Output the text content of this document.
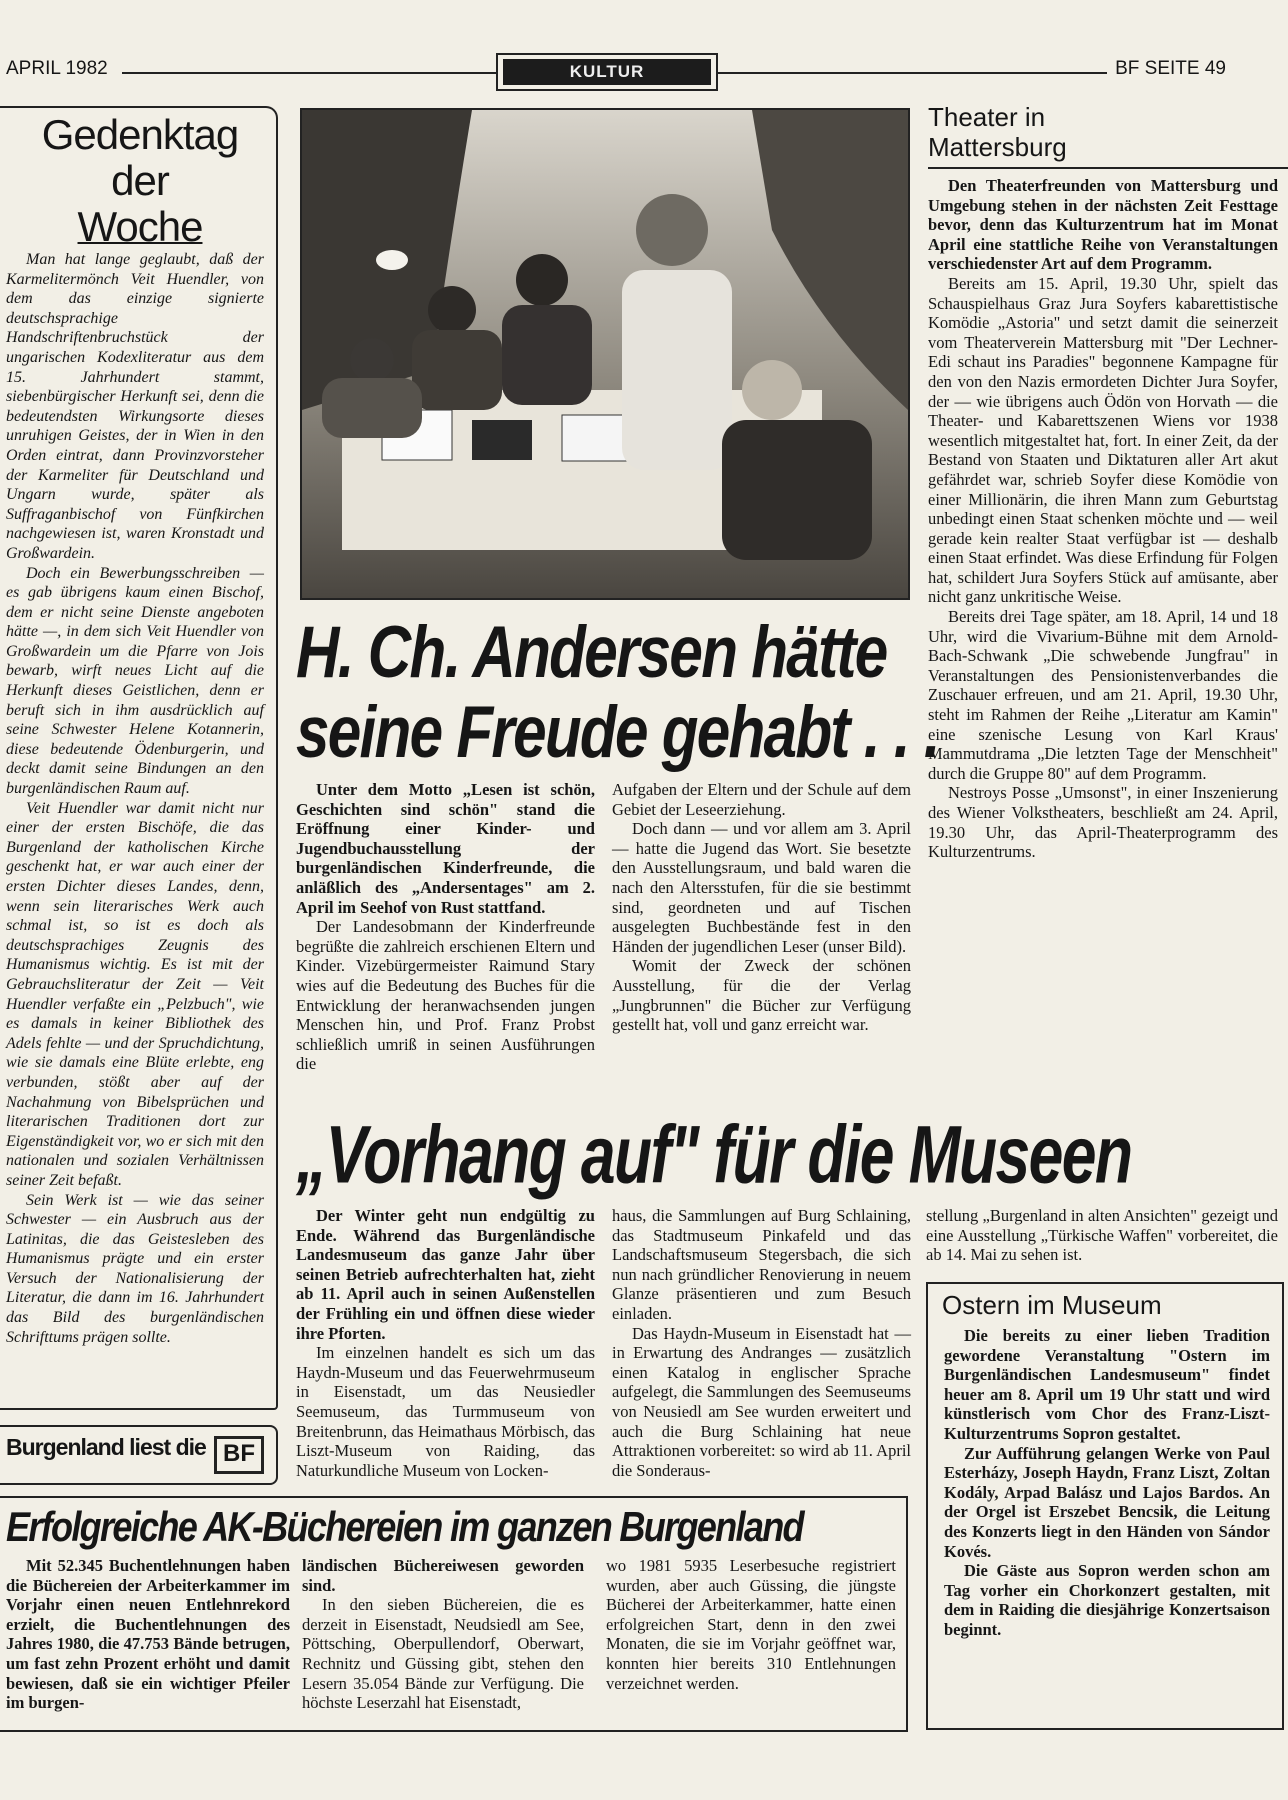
APRIL 1982	KULTUR	BF SEITE 49
Gedenktag
der
Woche

Man hat lange geglaubt, daß der Karmelitermönch Veit Huendler, von dem das einzige signierte deutschsprachige Handschriftenbruchstück der ungarischen Kodexliteratur aus dem 15. Jahrhundert stammt, siebenbürgischer Herkunft sei, denn die bedeutendsten Wirkungsorte dieses unruhigen Geistes, der in Wien in den Orden eintrat, dann Provinzvorsteher der Karmeliter für Deutschland und Ungarn wurde, später als Suffraganbischof von Fünfkirchen nachgewiesen ist, waren Kronstadt und Großwardein.

Doch ein Bewerbungsschreiben — es gab übrigens kaum einen Bischof, dem er nicht seine Dienste angeboten hätte —, in dem sich Veit Huendler von Großwardein um die Pfarre von Jois bewarb, wirft neues Licht auf die Herkunft dieses Geistlichen, denn er beruft sich in ihm ausdrücklich auf seine Schwester Helene Kotannerin, diese bedeutende Ödenburgerin, und deckt damit seine Bindungen an den burgenländischen Raum auf.

Veit Huendler war damit nicht nur einer der ersten Bischöfe, die das Burgenland der katholischen Kirche geschenkt hat, er war auch einer der ersten Dichter dieses Landes, denn, wenn sein literarisches Werk auch schmal ist, so ist es doch als deutschsprachiges Zeugnis des Humanismus wichtig. Es ist mit der Gebrauchsliteratur der Zeit — Veit Huendler verfaßte ein „Pelzbuch", wie es damals in keiner Bibliothek des Adels fehlte — und der Spruchdichtung, wie sie damals eine Blüte erlebte, eng verbunden, stößt aber auf der Nachahmung von Bibelsprüchen und literarischen Traditionen dort zur Eigenständigkeit vor, wo er sich mit den nationalen und sozialen Verhältnissen seiner Zeit befaßt.

Sein Werk ist — wie das seiner Schwester — ein Ausbruch aus der Latinitas, die das Geistesleben des Humanismus prägte und ein erster Versuch der Nationalisierung der Literatur, die dann im 16. Jahrhundert das Bild des burgenländischen Schrifttums prägen sollte.

Burgenland liest die BF
H. Ch. Andersen hätte
seine Freude gehabt . . .

Unter dem Motto „Lesen ist schön, Geschichten sind schön" stand die Eröffnung einer Kinder- und Jugendbuchausstellung der burgenländischen Kinderfreunde, die anläßlich des „Andersentages" am 2. April im Seehof von Rust stattfand.

Der Landesobmann der Kinderfreunde begrüßte die zahlreich erschienen Eltern und Kinder. Vizebürgermeister Raimund Stary wies auf die Bedeutung des Buches für die Entwicklung der heranwachsenden jungen Menschen hin, und Prof. Franz Probst schließlich umriß in seinen Ausführungen die

Aufgaben der Eltern und der Schule auf dem Gebiet der Leseerziehung.

Doch dann — und vor allem am 3. April — hatte die Jugend das Wort. Sie besetzte den Ausstellungsraum, und bald waren die nach den Altersstufen, für die sie bestimmt sind, geordneten und auf Tischen ausgelegten Buchbestände fest in den Händen der jugendlichen Leser (unser Bild).

Womit der Zweck der schönen Ausstellung, für die der Verlag „Jungbrunnen" die Bücher zur Verfügung gestellt hat, voll und ganz erreicht war.

Theater in
Mattersburg

Den Theaterfreunden von Mattersburg und Umgebung stehen in der nächsten Zeit Festtage bevor, denn das Kulturzentrum hat im Monat April eine stattliche Reihe von Veranstaltungen verschiedenster Art auf dem Programm.

Bereits am 15. April, 19.30 Uhr, spielt das Schauspielhaus Graz Jura Soyfers kabarettistische Komödie „Astoria" und setzt damit die seinerzeit vom Theaterverein Mattersburg mit "Der Lechner-Edi schaut ins Paradies" begonnene Kampagne für den von den Nazis ermordeten Dichter Jura Soyfer, der — wie übrigens auch Ödön von Horvath — die Theater- und Kabarettszenen Wiens vor 1938 wesentlich mitgestaltet hat, fort. In einer Zeit, da der Bestand von Staaten und Diktaturen aller Art akut gefährdet war, schrieb Soyfer diese Komödie von einer Millionärin, die ihren Mann zum Geburtstag unbedingt einen Staat schenken möchte und — weil gerade kein realter Staat verfügbar ist — deshalb einen Staat erfindet. Was diese Erfindung für Folgen hat, schildert Jura Soyfers Stück auf amüsante, aber nicht ganz unkritische Weise.

Bereits drei Tage später, am 18. April, 14 und 18 Uhr, wird die Vivarium-Bühne mit dem Arnold-Bach-Schwank „Die schwebende Jungfrau" in Veranstaltungen des Pensionistenverbandes die Zuschauer erfreuen, und am 21. April, 19.30 Uhr, steht im Rahmen der Reihe „Literatur am Kamin" eine szenische Lesung von Karl Kraus' Mammutdrama „Die letzten Tage der Menschheit" durch die Gruppe 80" auf dem Programm.

Nestroys Posse „Umsonst", in einer Inszenierung des Wiener Volkstheaters, beschließt am 24. April, 19.30 Uhr, das April-Theaterprogramm des Kulturzentrums.

„Vorhang auf" für die Museen

Der Winter geht nun endgültig zu Ende. Während das Burgenländische Landesmuseum das ganze Jahr über seinen Betrieb aufrechterhalten hat, zieht ab 11. April auch in seinen Außenstellen der Frühling ein und öffnen diese wieder ihre Pforten.

Im einzelnen handelt es sich um das Haydn-Museum und das Feuerwehrmuseum in Eisenstadt, um das Neusiedler Seemuseum, das Turmmuseum von Breitenbrunn, das Heimathaus Mörbisch, das Liszt-Museum von Raiding, das Naturkundliche Museum von Locken-

haus, die Sammlungen auf Burg Schlaining, das Stadtmuseum Pinkafeld und das Landschaftsmuseum Stegersbach, die sich nun nach gründlicher Renovierung in neuem Glanze präsentieren und zum Besuch einladen.

Das Haydn-Museum in Eisenstadt hat — in Erwartung des Andranges — zusätzlich einen Katalog in englischer Sprache aufgelegt, die Sammlungen des Seemuseums von Neusiedl am See wurden erweitert und auch die Burg Schlaining hat neue Attraktionen vorbereitet: so wird ab 11. April die Sonderaus-

stellung „Burgenland in alten Ansichten" gezeigt und eine Ausstellung „Türkische Waffen" vorbereitet, die ab 14. Mai zu sehen ist.

Ostern im Museum

Die bereits zu einer lieben Tradition gewordene Veranstaltung "Ostern im Burgenländischen Landesmuseum" findet heuer am 8. April um 19 Uhr statt und wird künstlerisch vom Chor des Franz-Liszt-Kulturzentrums Sopron gestaltet.

Zur Aufführung gelangen Werke von Paul Esterházy, Joseph Haydn, Franz Liszt, Zoltan Kodály, Arpad Balász und Lajos Bardos. An der Orgel ist Erszebet Bencsik, die Leitung des Konzerts liegt in den Händen von Sándor Kovés.

Die Gäste aus Sopron werden schon am Tag vorher ein Chorkonzert gestalten, mit dem in Raiding die diesjährige Konzertsaison beginnt.

Erfolgreiche AK-Büchereien im ganzen Burgenland

Mit 52.345 Buchentlehnungen haben die Büchereien der Arbeiterkammer im Vorjahr einen neuen Entlehnrekord erzielt, die Buchentlehnungen des Jahres 1980, die 47.753 Bände betrugen, um fast zehn Prozent erhöht und damit bewiesen, daß sie ein wichtiger Pfeiler im burgen-

ländischen Büchereiwesen geworden sind.

In den sieben Büchereien, die es derzeit in Eisenstadt, Neudsiedl am See, Pöttsching, Oberpullendorf, Oberwart, Rechnitz und Güssing gibt, stehen den Lesern 35.054 Bände zur Verfügung. Die höchste Leserzahl hat Eisenstadt,

wo 1981 5935 Leserbesuche registriert wurden, aber auch Güssing, die jüngste Bücherei der Arbeiterkammer, hatte einen erfolgreichen Start, denn in den zwei Monaten, die sie im Vorjahr geöffnet war, konnten hier bereits 310 Entlehnungen verzeichnet werden.
